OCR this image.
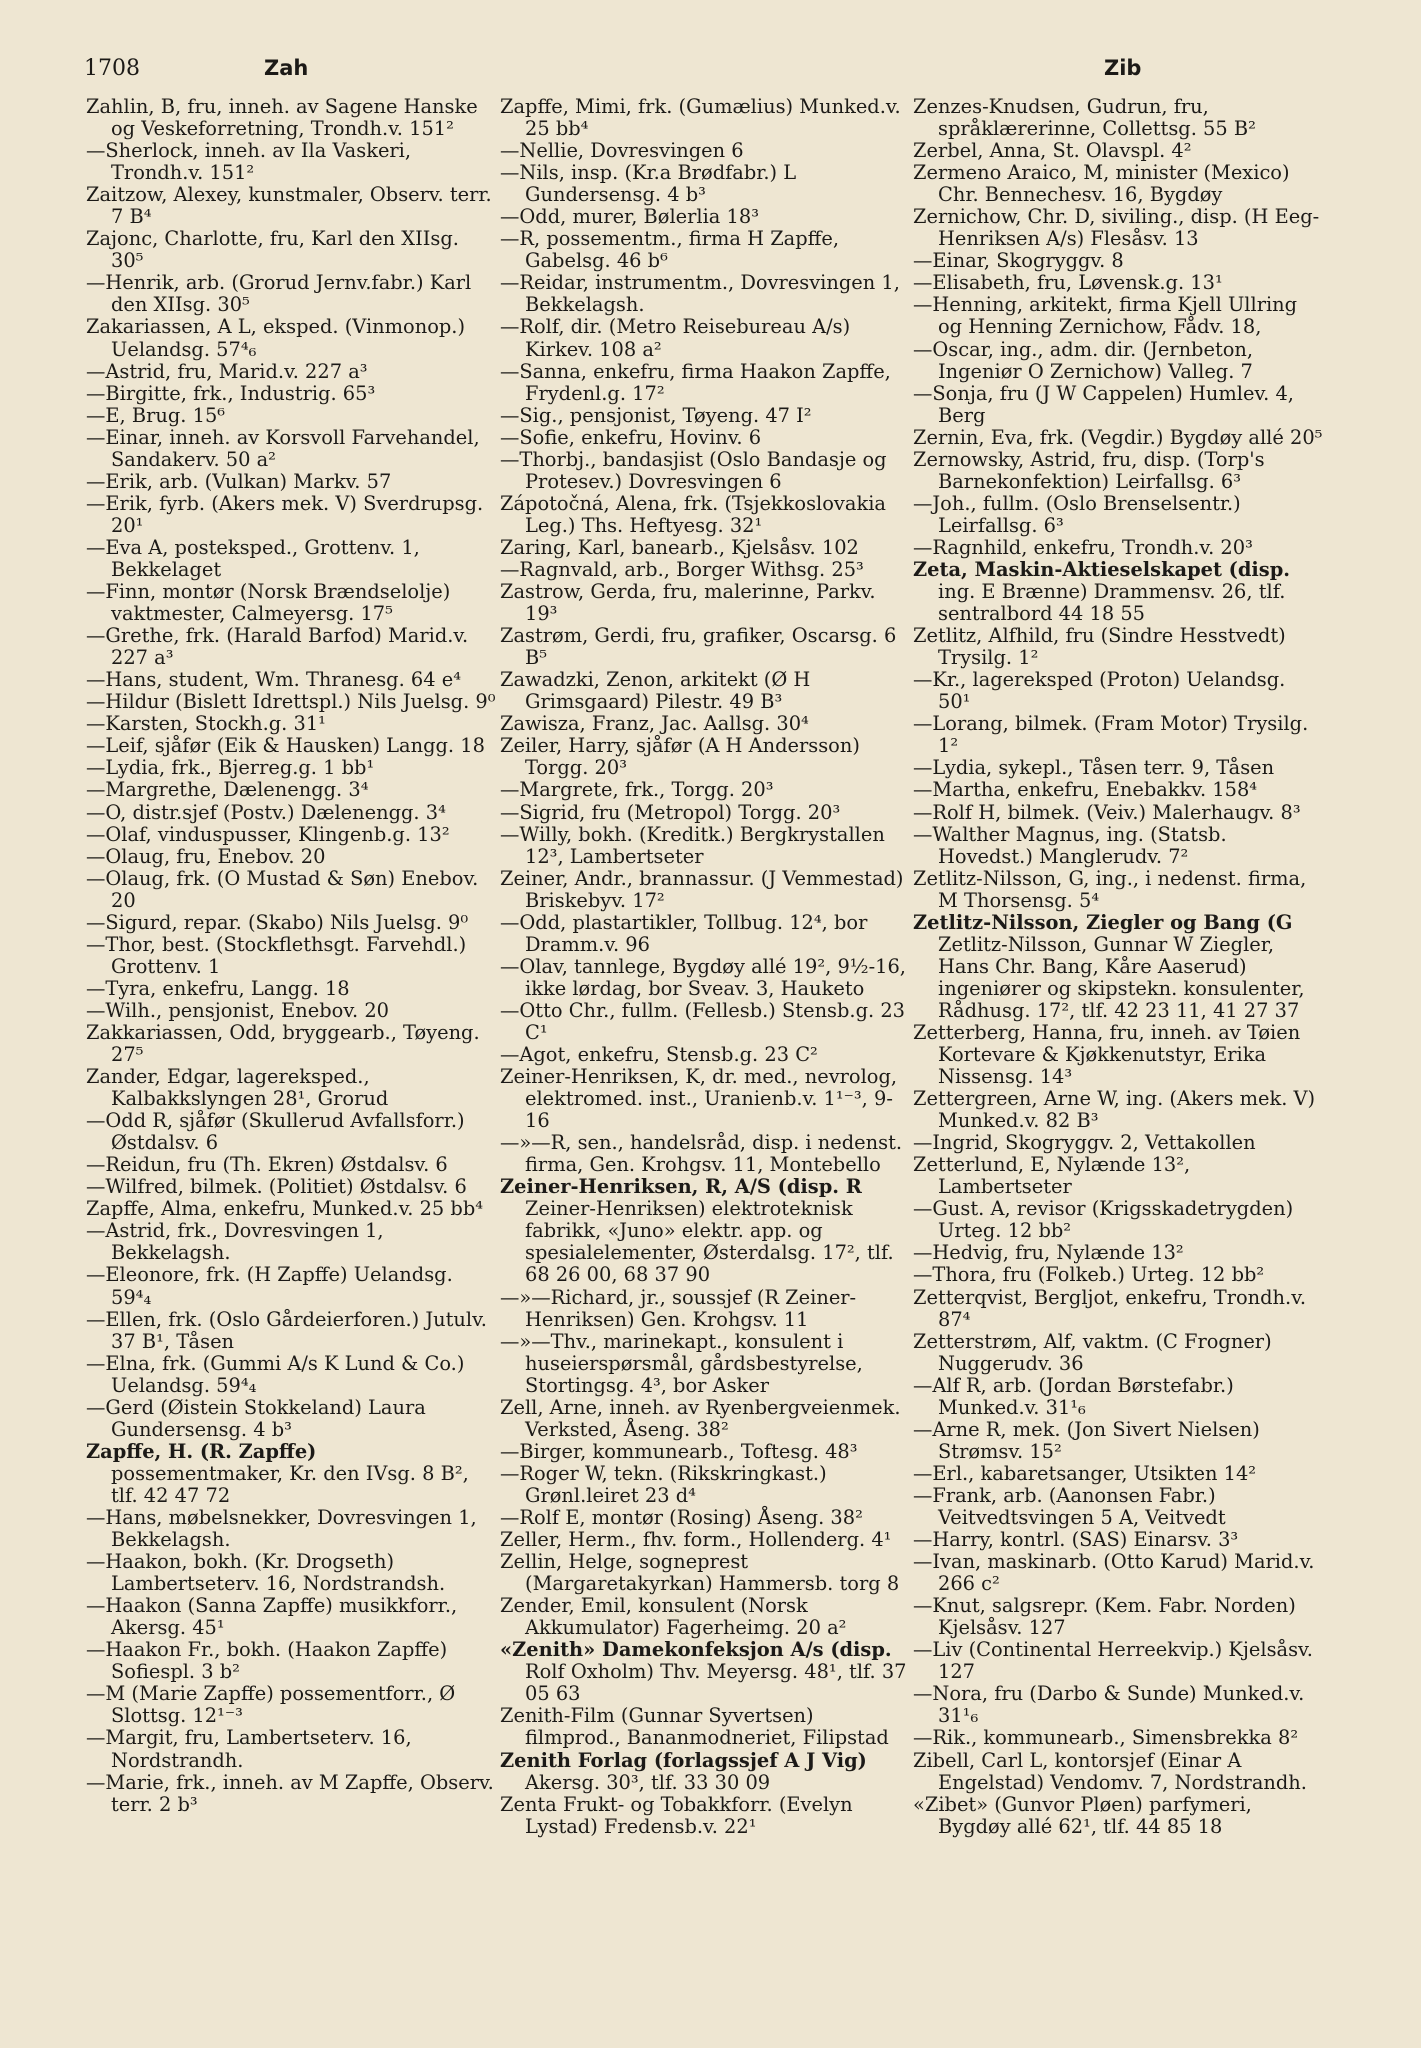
1708	Zah	Zib

Zahlin, B, fru, inneh. av Sagene Hanske og Veskeforretning, Trondh.v. 151²

—Sherlock, inneh. av Ila Vaskeri, Trondh.v. 151²

Zaitzow, Alexey, kunstmaler, Observ. terr. 7 B⁴

Zajonc, Charlotte, fru, Karl den XIIsg. 30⁵

—Henrik, arb. (Grorud Jernv.fabr.) Karl den XIIsg. 30⁵

Zakariassen, A L, eksped. (Vinmonop.) Uelandsg. 57⁴₆

—Astrid, fru, Marid.v. 227 a³

—Birgitte, frk., Industrig. 65³

—E, Brug. 15⁶

—Einar, inneh. av Korsvoll Farvehandel, Sandakerv. 50 a²

—Erik, arb. (Vulkan) Markv. 57

—Erik, fyrb. (Akers mek. V) Sverdrupsg. 20¹

—Eva A, posteksped., Grottenv. 1, Bekkelaget

—Finn, montør (Norsk Brændselolje) vaktmester, Calmeyersg. 17⁵

—Grethe, frk. (Harald Barfod) Marid.v. 227 a³

—Hans, student, Wm. Thranesg. 64 e⁴

—Hildur (Bislett Idrettspl.) Nils Juelsg. 9⁰

—Karsten, Stockh.g. 31¹

—Leif, sjåfør (Eik & Hausken) Langg. 18

—Lydia, frk., Bjerreg.g. 1 bb¹

—Margrethe, Dælenengg. 3⁴

—O, distr.sjef (Postv.) Dælenengg. 3⁴

—Olaf, vinduspusser, Klingenb.g. 13²

—Olaug, fru, Enebov. 20

—Olaug, frk. (O Mustad & Søn) Enebov. 20

—Sigurd, repar. (Skabo) Nils Juelsg. 9⁰

—Thor, best. (Stockflethsgt. Farvehdl.) Grottenv. 1

—Tyra, enkefru, Langg. 18

—Wilh., pensjonist, Enebov. 20

Zakkariassen, Odd, bryggearb., Tøyeng. 27⁵

Zander, Edgar, lagereksped., Kalbakkslyngen 28¹, Grorud

—Odd R, sjåfør (Skullerud Avfallsforr.) Østdalsv. 6

—Reidun, fru (Th. Ekren) Østdalsv. 6

—Wilfred, bilmek. (Politiet) Østdalsv. 6

Zapffe, Alma, enkefru, Munked.v. 25 bb⁴

—Astrid, frk., Dovresvingen 1, Bekkelagsh.

—Eleonore, frk. (H Zapffe) Uelandsg. 59⁴₄

—Ellen, frk. (Oslo Gårdeierforen.) Jutulv. 37 B¹, Tåsen

—Elna, frk. (Gummi A/s K Lund & Co.) Uelandsg. 59⁴₄

—Gerd (Øistein Stokkeland) Laura Gundersensg. 4 b³

Zapffe, H. (R. Zapffe) possementmaker, Kr. den IVsg. 8 B², tlf. 42 47 72

—Hans, møbelsnekker, Dovresvingen 1, Bekkelagsh.

—Haakon, bokh. (Kr. Drogseth) Lambertseterv. 16, Nordstrandsh.

—Haakon (Sanna Zapffe) musikkforr., Akersg. 45¹

—Haakon Fr., bokh. (Haakon Zapffe) Sofiespl. 3 b²

—M (Marie Zapffe) possementforr., Ø Slottsg. 12¹⁻³

—Margit, fru, Lambertseterv. 16, Nordstrandh.

—Marie, frk., inneh. av M Zapffe, Observ. terr. 2 b³

Zapffe, Mimi, frk. (Gumælius) Munked.v. 25 bb⁴

—Nellie, Dovresvingen 6

—Nils, insp. (Kr.a Brødfabr.) L Gundersensg. 4 b³

—Odd, murer, Bølerlia 18³

—R, possementm., firma H Zapffe, Gabelsg. 46 b⁶

—Reidar, instrumentm., Dovresvingen 1, Bekkelagsh.

—Rolf, dir. (Metro Reisebureau A/s) Kirkev. 108 a²

—Sanna, enkefru, firma Haakon Zapffe, Frydenl.g. 17²

—Sig., pensjonist, Tøyeng. 47 I²

—Sofie, enkefru, Hovinv. 6

—Thorbj., bandasjist (Oslo Bandasje og Protesev.) Dovresvingen 6

Zápotočná, Alena, frk. (Tsjekkoslovakia Leg.) Ths. Heftyesg. 32¹

Zaring, Karl, banearb., Kjelsåsv. 102

—Ragnvald, arb., Borger Withsg. 25³

Zastrow, Gerda, fru, malerinne, Parkv. 19³

Zastrøm, Gerdi, fru, grafiker, Oscarsg. 6 B⁵

Zawadzki, Zenon, arkitekt (Ø H Grimsgaard) Pilestr. 49 B³

Zawisza, Franz, Jac. Aallsg. 30⁴

Zeiler, Harry, sjåfør (A H Andersson) Torgg. 20³

—Margrete, frk., Torgg. 20³

—Sigrid, fru (Metropol) Torgg. 20³

—Willy, bokh. (Kreditk.) Bergkrystallen 12³, Lambertseter

Zeiner, Andr., brannassur. (J Vemmestad) Briskebyv. 17²

—Odd, plastartikler, Tollbug. 12⁴, bor Dramm.v. 96

—Olav, tannlege, Bygdøy allé 19², 9½-16, ikke lørdag, bor Sveav. 3, Hauketo

—Otto Chr., fullm. (Fellesb.) Stensb.g. 23 C¹

—Agot, enkefru, Stensb.g. 23 C²

Zeiner-Henriksen, K, dr. med., nevrolog, elektromed. inst., Uranienb.v. 1¹⁻³, 9-16

—»—R, sen., handelsråd, disp. i nedenst. firma, Gen. Krohgsv. 11, Montebello

Zeiner-Henriksen, R, A/S (disp. R Zeiner-Henriksen) elektroteknisk fabrikk, «Juno» elektr. app. og spesialelementer, Østerdalsg. 17², tlf. 68 26 00, 68 37 90

—»—Richard, jr., soussjef (R Zeiner-Henriksen) Gen. Krohgsv. 11

—»—Thv., marinekapt., konsulent i huseierspørsmål, gårdsbestyrelse, Stortingsg. 4³, bor Asker

Zell, Arne, inneh. av Ryenbergveienmek. Verksted, Åseng. 38²

—Birger, kommunearb., Toftesg. 48³

—Roger W, tekn. (Rikskringkast.) Grønl.leiret 23 d⁴

—Rolf E, montør (Rosing) Åseng. 38²

Zeller, Herm., fhv. form., Hollenderg. 4¹

Zellin, Helge, sogneprest (Margaretakyrkan) Hammersb. torg 8

Zender, Emil, konsulent (Norsk Akkumulator) Fagerheimg. 20 a²

«Zenith» Damekonfeksjon A/s (disp. Rolf Oxholm) Thv. Meyersg. 48¹, tlf. 37 05 63

Zenith-Film (Gunnar Syvertsen) filmprod., Bananmodneriet, Filipstad

Zenith Forlag (forlagssjef A J Vig) Akersg. 30³, tlf. 33 30 09

Zenta Frukt- og Tobakkforr. (Evelyn Lystad) Fredensb.v. 22¹

Zenzes-Knudsen, Gudrun, fru, språklærerinne, Collettsg. 55 B²

Zerbel, Anna, St. Olavspl. 4²

Zermeno Araico, M, minister (Mexico) Chr. Bennechesv. 16, Bygdøy

Zernichow, Chr. D, siviling., disp. (H Eeg-Henriksen A/s) Flesåsv. 13

—Einar, Skogryggv. 8

—Elisabeth, fru, Løvensk.g. 13¹

—Henning, arkitekt, firma Kjell Ullring og Henning Zernichow, Fådv. 18,

—Oscar, ing., adm. dir. (Jernbeton, Ingeniør O Zernichow) Valleg. 7

—Sonja, fru (J W Cappelen) Humlev. 4, Berg

Zernin, Eva, frk. (Vegdir.) Bygdøy allé 20⁵

Zernowsky, Astrid, fru, disp. (Torp's Barnekonfektion) Leirfallsg. 6³

—Joh., fullm. (Oslo Brenselsentr.) Leirfallsg. 6³

—Ragnhild, enkefru, Trondh.v. 20³

Zeta, Maskin-Aktieselskapet (disp. ing. E Brænne) Drammensv. 26, tlf. sentralbord 44 18 55

Zetlitz, Alfhild, fru (Sindre Hesstvedt) Trysilg. 1²

—Kr., lagereksped (Proton) Uelandsg. 50¹

—Lorang, bilmek. (Fram Motor) Trysilg. 1²

—Lydia, sykepl., Tåsen terr. 9, Tåsen

—Martha, enkefru, Enebakkv. 158⁴

—Rolf H, bilmek. (Veiv.) Malerhaugv. 8³

—Walther Magnus, ing. (Statsb. Hovedst.) Manglerudv. 7²

Zetlitz-Nilsson, G, ing., i nedenst. firma, M Thorsensg. 5⁴

Zetlitz-Nilsson, Ziegler og Bang (G Zetlitz-Nilsson, Gunnar W Ziegler, Hans Chr. Bang, Kåre Aaserud) ingeniører og skipstekn. konsulenter, Rådhusg. 17², tlf. 42 23 11, 41 27 37

Zetterberg, Hanna, fru, inneh. av Tøien Kortevare & Kjøkkenutstyr, Erika Nissensg. 14³

Zettergreen, Arne W, ing. (Akers mek. V) Munked.v. 82 B³

—Ingrid, Skogryggv. 2, Vettakollen

Zetterlund, E, Nylænde 13², Lambertseter

—Gust. A, revisor (Krigsskadetrygden) Urteg. 12 bb²

—Hedvig, fru, Nylænde 13²

—Thora, fru (Folkeb.) Urteg. 12 bb²

Zetterqvist, Bergljot, enkefru, Trondh.v. 87⁴

Zetterstrøm, Alf, vaktm. (C Frogner) Nuggerudv. 36

—Alf R, arb. (Jordan Børstefabr.) Munked.v. 31¹₆

—Arne R, mek. (Jon Sivert Nielsen) Strømsv. 15²

—Erl., kabaretsanger, Utsikten 14²

—Frank, arb. (Aanonsen Fabr.) Veitvedtsvingen 5 A, Veitvedt

—Harry, kontrl. (SAS) Einarsv. 3³

—Ivan, maskinarb. (Otto Karud) Marid.v. 266 c²

—Knut, salgsrepr. (Kem. Fabr. Norden) Kjelsåsv. 127

—Liv (Continental Herreekvip.) Kjelsåsv. 127

—Nora, fru (Darbo & Sunde) Munked.v. 31¹₆

—Rik., kommunearb., Simensbrekka 8²

Zibell, Carl L, kontorsjef (Einar A Engelstad) Vendomv. 7, Nordstrandh.

«Zibet» (Gunvor Pløen) parfymeri, Bygdøy allé 62¹, tlf. 44 85 18
